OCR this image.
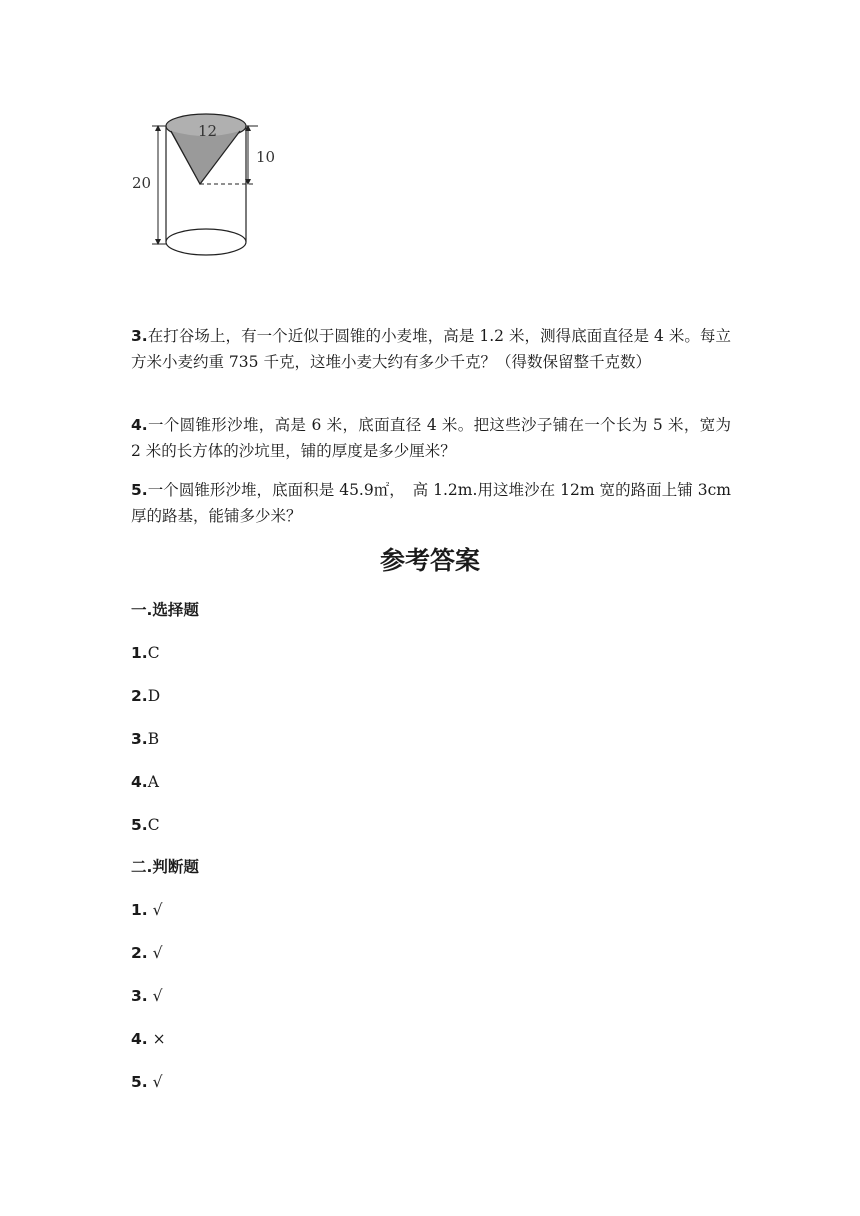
12
10
20

3.在打谷场上，有一个近似于圆锥的小麦堆，高是 1.2 米，测得底面直径是 4 米。每立方米小麦约重 735 千克，这堆小麦大约有多少千克？（得数保留整千克数）

4.一个圆锥形沙堆，高是 6 米，底面直径 4 米。把这些沙子铺在一个长为 5 米，宽为 2 米的长方体的沙坑里，铺的厚度是多少厘米？

5.一个圆锥形沙堆，底面积是 45.9㎡，　高 1.2m.用这堆沙在 12m 宽的路面上铺 3cm 厚的路基，能铺多少米？

参考答案

一.选择题

1.C

2.D

3.B

4.A

5.C

二.判断题

1. √

2. √

3. √

4. ×

5. √
